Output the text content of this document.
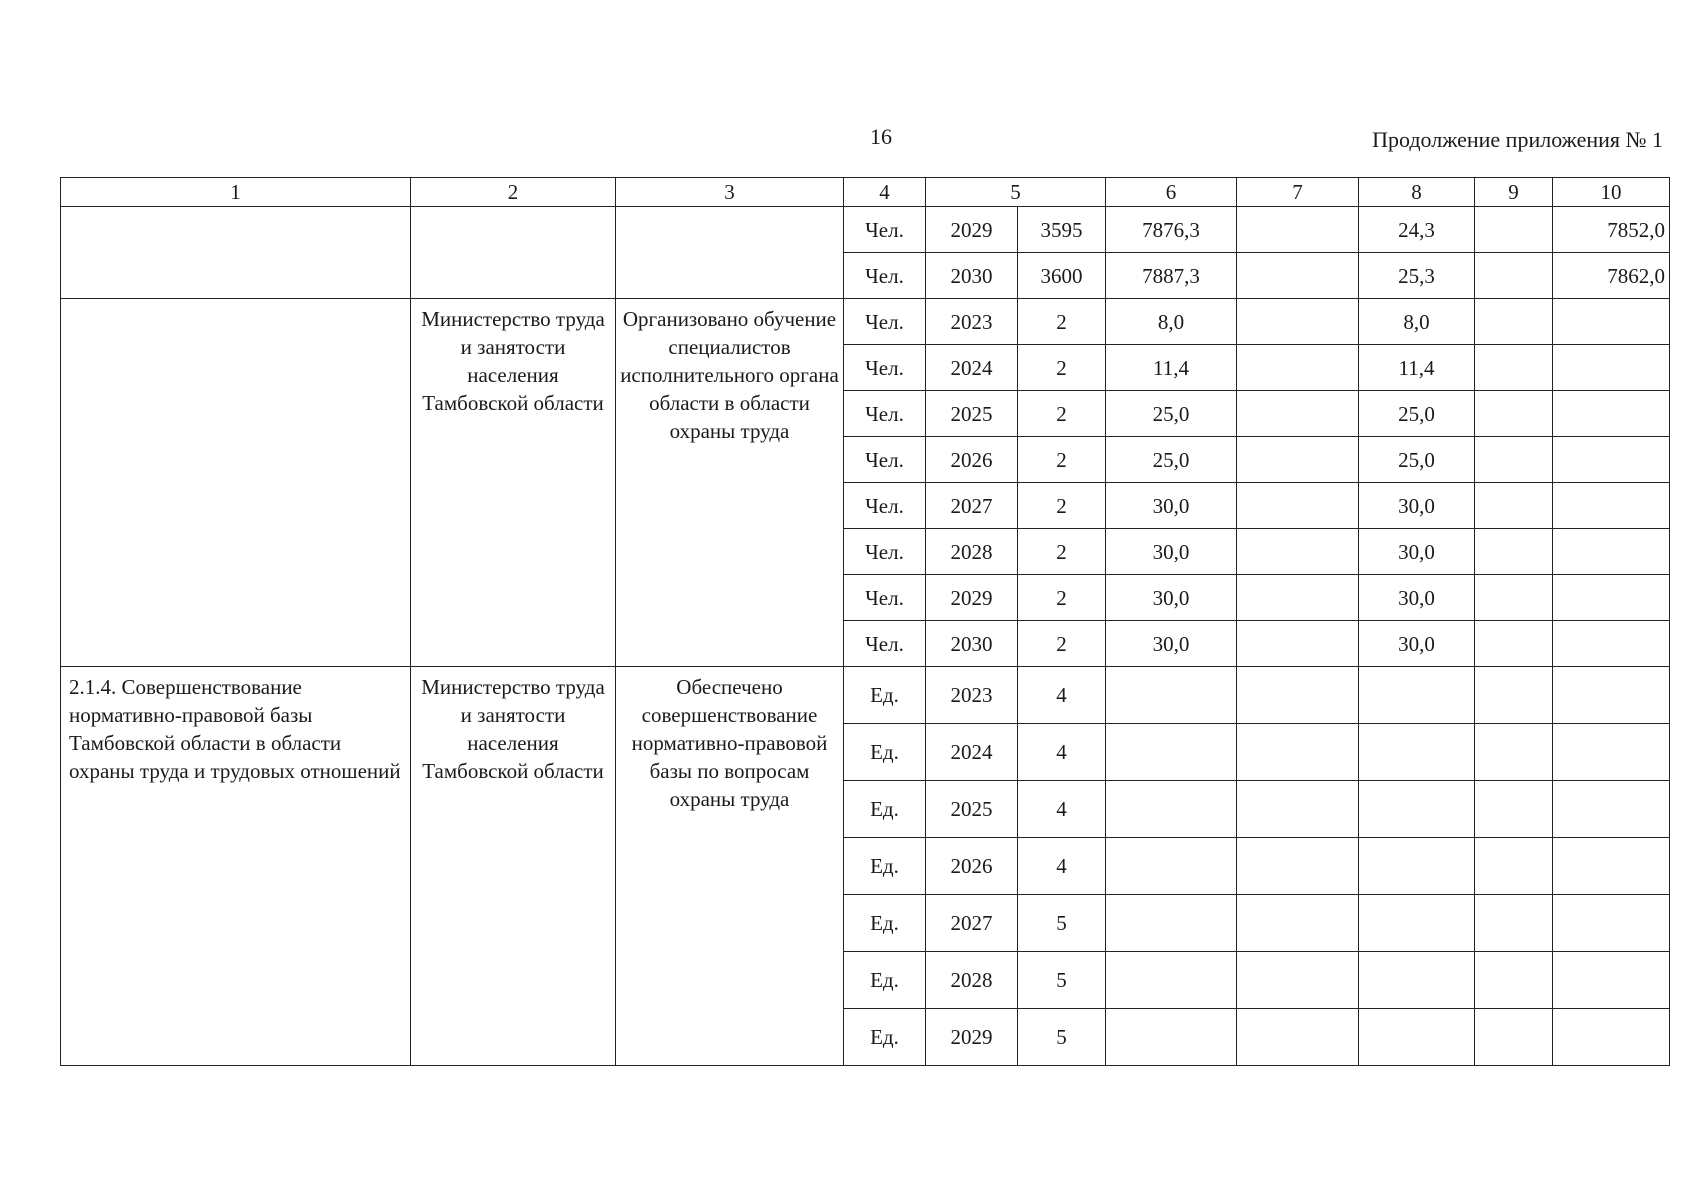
16	Продолжение приложения № 1
1	2	3	4	5		6	7	8	9	10
			Чел.	2029	3595	7876,3		24,3		7852,0
			Чел.	2030	3600	7887,3		25,3		7862,0
	Министерство труда и занятости населения Тамбовской области	Организовано обучение специалистов исполнительного органа области в области охраны труда	Чел.	2023	2	8,0		8,0		
			Чел.	2024	2	11,4		11,4		
			Чел.	2025	2	25,0		25,0		
			Чел.	2026	2	25,0		25,0		
			Чел.	2027	2	30,0		30,0		
			Чел.	2028	2	30,0		30,0		
			Чел.	2029	2	30,0		30,0		
			Чел.	2030	2	30,0		30,0		
2.1.4. Совершенствование нормативно-правовой базы Тамбовской области в области охраны труда и трудовых отношений	Министерство труда и занятости населения Тамбовской области	Обеспечено совершенствование нормативно-правовой базы по вопросам охраны труда	Ед.	2023	4					
			Ед.	2024	4					
			Ед.	2025	4					
			Ед.	2026	4					
			Ед.	2027	5					
			Ед.	2028	5					
			Ед.	2029	5					
